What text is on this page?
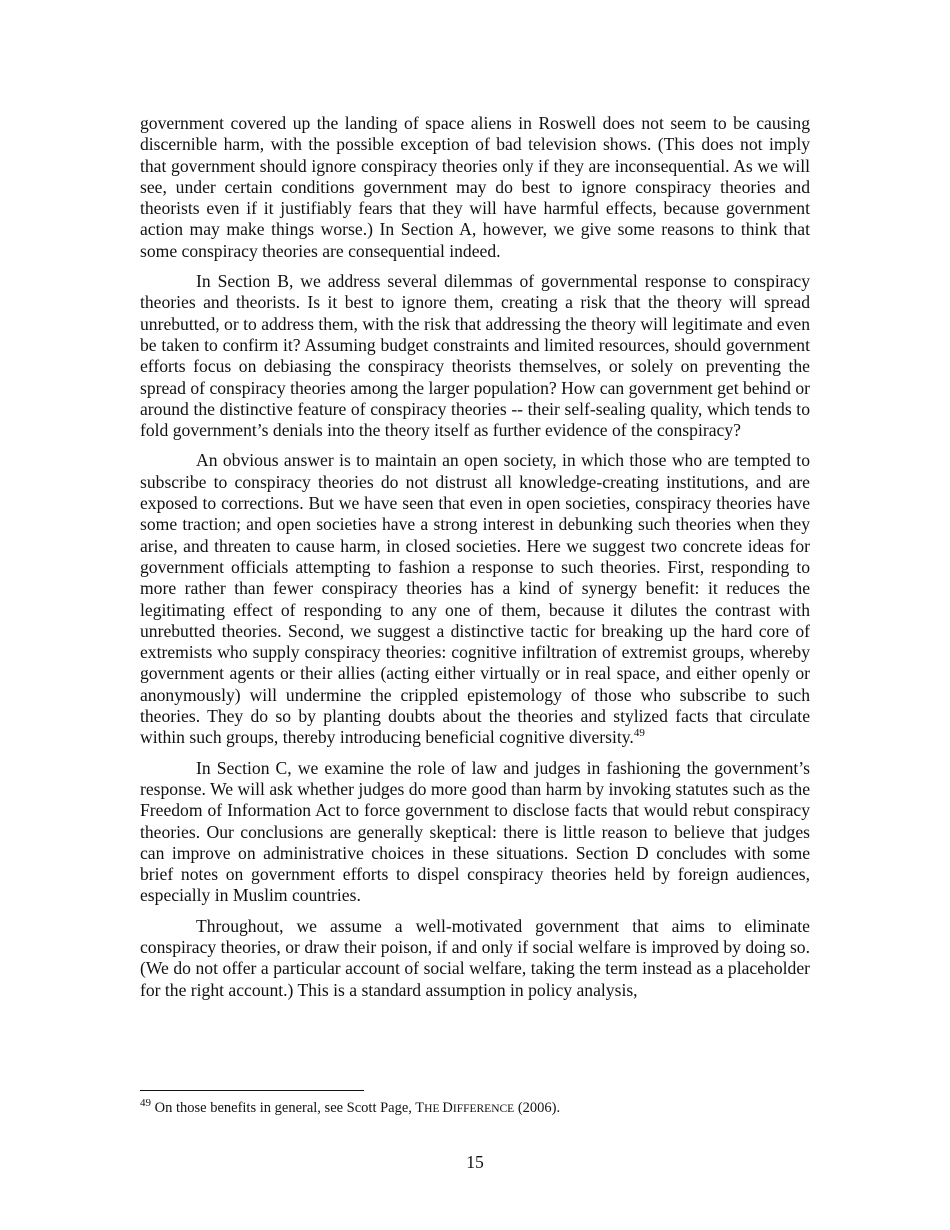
government covered up the landing of space aliens in Roswell does not seem to be causing discernible harm, with the possible exception of bad television shows. (This does not imply that government should ignore conspiracy theories only if they are inconsequential. As we will see, under certain conditions government may do best to ignore conspiracy theories and theorists even if it justifiably fears that they will have harmful effects, because government action may make things worse.) In Section A, however, we give some reasons to think that some conspiracy theories are consequential indeed.

In Section B, we address several dilemmas of governmental response to conspiracy theories and theorists. Is it best to ignore them, creating a risk that the theory will spread unrebutted, or to address them, with the risk that addressing the theory will legitimate and even be taken to confirm it? Assuming budget constraints and limited resources, should government efforts focus on debiasing the conspiracy theorists themselves, or solely on preventing the spread of conspiracy theories among the larger population? How can government get behind or around the distinctive feature of conspiracy theories -- their self-sealing quality, which tends to fold government’s denials into the theory itself as further evidence of the conspiracy?

An obvious answer is to maintain an open society, in which those who are tempted to subscribe to conspiracy theories do not distrust all knowledge-creating institutions, and are exposed to corrections. But we have seen that even in open societies, conspiracy theories have some traction; and open societies have a strong interest in debunking such theories when they arise, and threaten to cause harm, in closed societies. Here we suggest two concrete ideas for government officials attempting to fashion a response to such theories. First, responding to more rather than fewer conspiracy theories has a kind of synergy benefit: it reduces the legitimating effect of responding to any one of them, because it dilutes the contrast with unrebutted theories. Second, we suggest a distinctive tactic for breaking up the hard core of extremists who supply conspiracy theories: cognitive infiltration of extremist groups, whereby government agents or their allies (acting either virtually or in real space, and either openly or anonymously) will undermine the crippled epistemology of those who subscribe to such theories. They do so by planting doubts about the theories and stylized facts that circulate within such groups, thereby introducing beneficial cognitive diversity.$^{49}$

In Section C, we examine the role of law and judges in fashioning the government’s response. We will ask whether judges do more good than harm by invoking statutes such as the Freedom of Information Act to force government to disclose facts that would rebut conspiracy theories. Our conclusions are generally skeptical: there is little reason to believe that judges can improve on administrative choices in these situations. Section D concludes with some brief notes on government efforts to dispel conspiracy theories held by foreign audiences, especially in Muslim countries.

Throughout, we assume a well-motivated government that aims to eliminate conspiracy theories, or draw their poison, if and only if social welfare is improved by doing so. (We do not offer a particular account of social welfare, taking the term instead as a placeholder for the right account.) This is a standard assumption in policy analysis,

$^{49}$ On those benefits in general, see Scott Page, THE DIFFERENCE (2006).
15
